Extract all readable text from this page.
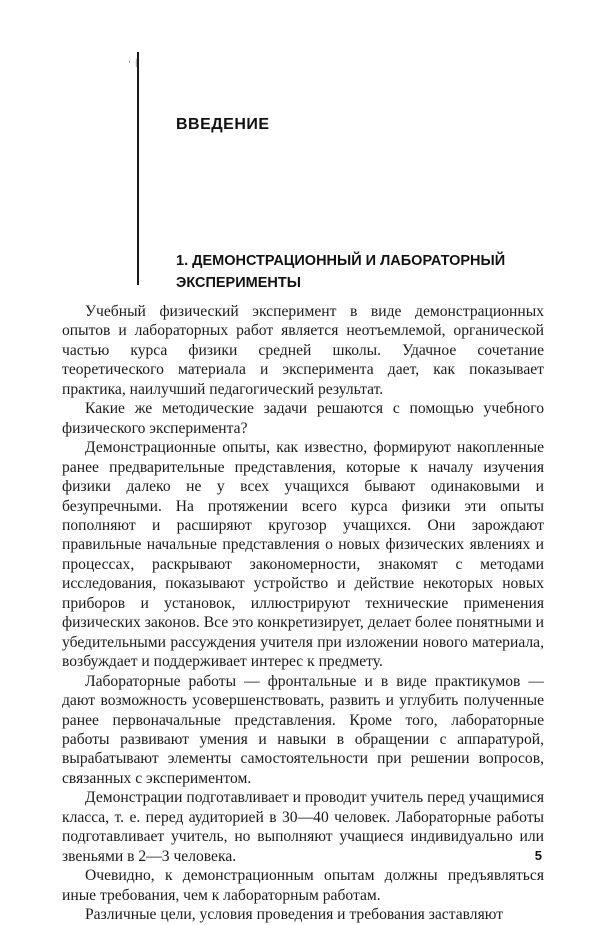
· |
ВВЕДЕНИЕ
1. ДЕМОНСТРАЦИОННЫЙ И ЛАБОРАТОРНЫЙ ЭКСПЕРИМЕНТЫ

Учебный физический эксперимент в виде демонстрационных опытов и лабораторных работ является неотъемлемой, органической частью курса физики средней школы. Удачное сочетание теоретического материала и эксперимента дает, как показывает практика, наилучший педагогический результат.

Какие же методические задачи решаются с помощью учебного физического эксперимента?

Демонстрационные опыты, как известно, формируют накопленные ранее предварительные представления, которые к началу изучения физики далеко не у всех учащихся бывают одинаковыми и безупречными. На протяжении всего курса физики эти опыты пополняют и расширяют кругозор учащихся. Они зарождают правильные начальные представления о новых физических явлениях и процессах, раскрывают закономерности, знакомят с методами исследования, показывают устройство и действие некоторых новых приборов и установок, иллюстрируют технические применения физических законов. Все это конкретизирует, делает более понятными и убедительными рассуждения учителя при изложении нового материала, возбуждает и поддерживает интерес к предмету.

Лабораторные работы — фронтальные и в виде практикумов — дают возможность усовершенствовать, развить и углубить полученные ранее первоначальные представления. Кроме того, лабораторные работы развивают умения и навыки в обращении с аппаратурой, вырабатывают элементы самостоятельности при решении вопросов, связанных с экспериментом.

Демонстрации подготавливает и проводит учитель перед учащимися класса, т. е. перед аудиторией в 30—40 человек. Лабораторные работы подготавливает учитель, но выполняют учащиеся индивидуально или звеньями в 2—3 человека.

Очевидно, к демонстрационным опытам должны предъявляться иные требования, чем к лабораторным работам.

Различные цели, условия проведения и требования заставляют

5
